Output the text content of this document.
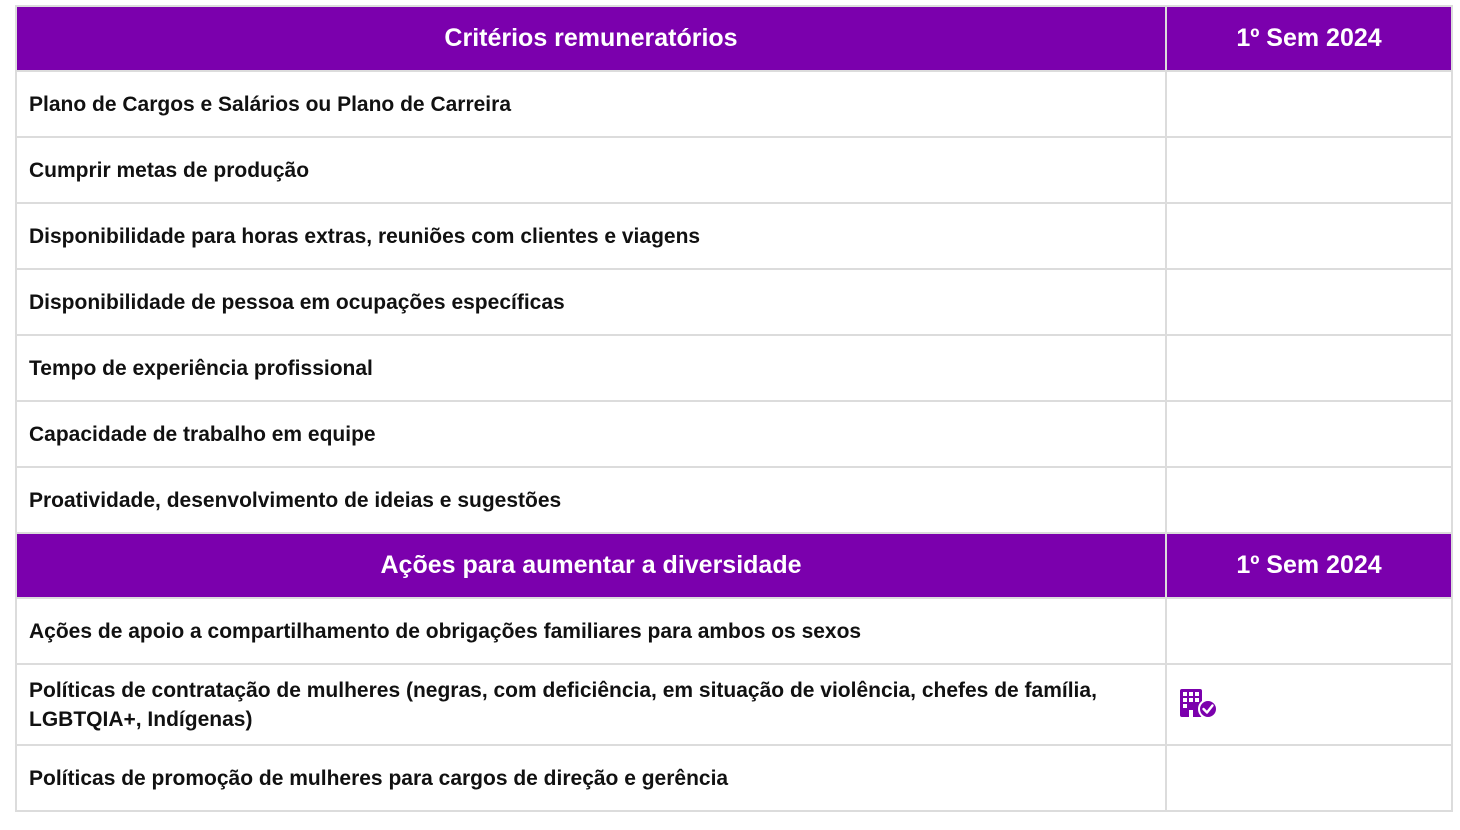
Critérios remuneratórios	1º Sem 2024
Plano de Cargos e Salários ou Plano de Carreira	
Cumprir metas de produção	
Disponibilidade para horas extras, reuniões com clientes e viagens	
Disponibilidade de pessoa em ocupações específicas	
Tempo de experiência profissional	
Capacidade de trabalho em equipe	
Proatividade, desenvolvimento de ideias e sugestões	
Ações para aumentar a diversidade	1º Sem 2024
Ações de apoio a compartilhamento de obrigações familiares para ambos os sexos	
Políticas de contratação de mulheres (negras, com deficiência, em situação de violência, chefes de família, LGBTQIA+, Indígenas)	
Políticas de promoção de mulheres para cargos de direção e gerência	
